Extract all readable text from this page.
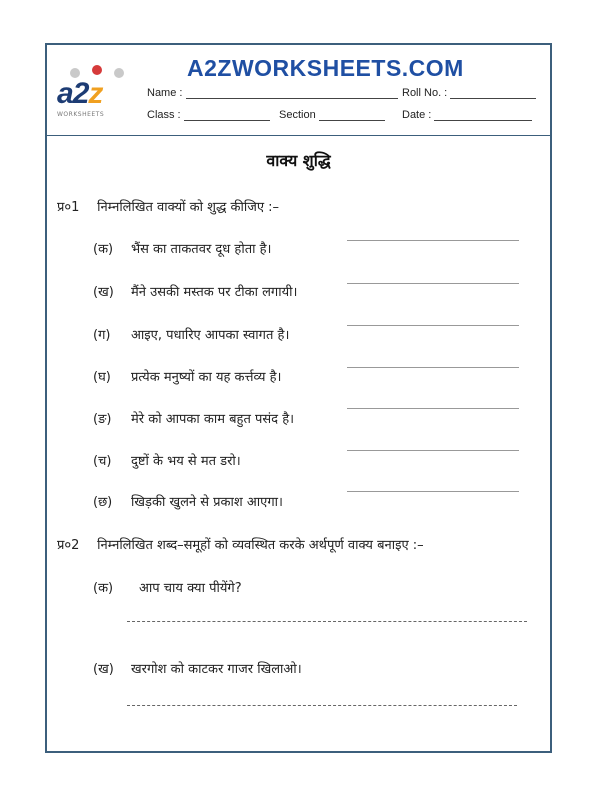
a2z
WORKSHEETS
A2ZWORKSHEETS.COM
Name :	Roll No. :
Class :	Section	Date :
वाक्य शुद्धि
प्र०1 निम्नलिखित वाक्यों को शुद्ध कीजिए :–
(क) भैंस का ताकतवर दूध होता है।
(ख) मैंने उसकी मस्तक पर टीका लगायी।
(ग) आइए, पधारिए आपका स्वागत है।
(घ) प्रत्येक मनुष्यों का यह कर्त्तव्य है।
(ङ) मेरे को आपका काम बहुत पसंद है।
(च) दुष्टों के भय से मत डरो।
(छ) खिड़की खुलने से प्रकाश आएगा।
प्र०2 निम्नलिखित शब्द–समूहों को व्यवस्थित करके अर्थपूर्ण वाक्य बनाइए :–
(क) आप चाय क्या पीयेंगे?
(ख) खरगोश को काटकर गाजर खिलाओ।
